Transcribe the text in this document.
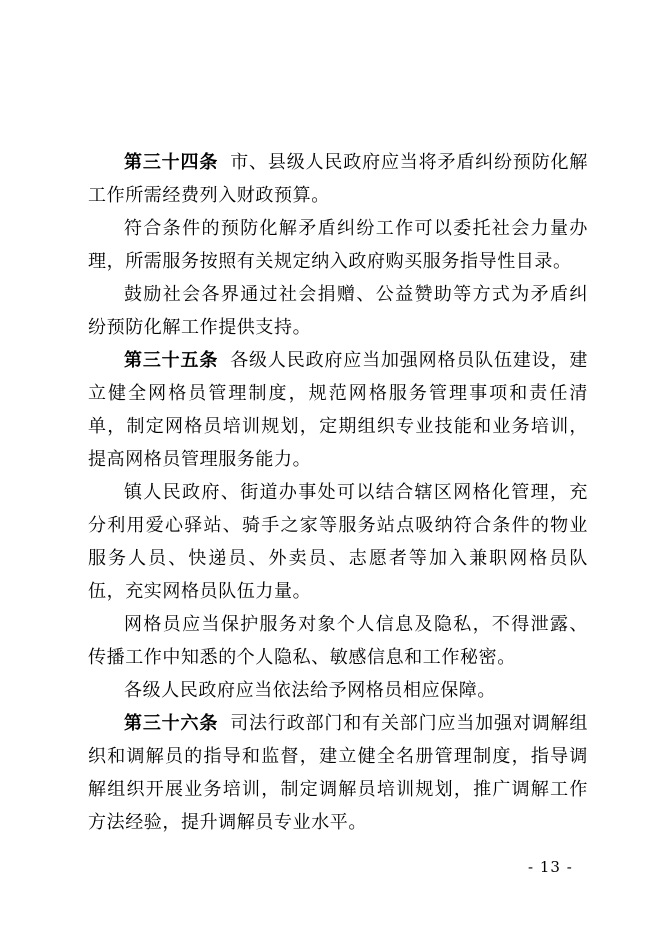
第三十四条 市、县级人民政府应当将矛盾纠纷预防化解工作所需经费列入财政预算。

符合条件的预防化解矛盾纠纷工作可以委托社会力量办理，所需服务按照有关规定纳入政府购买服务指导性目录。

鼓励社会各界通过社会捐赠、公益赞助等方式为矛盾纠纷预防化解工作提供支持。

第三十五条 各级人民政府应当加强网格员队伍建设，建立健全网格员管理制度，规范网格服务管理事项和责任清单，制定网格员培训规划，定期组织专业技能和业务培训，提高网格员管理服务能力。

镇人民政府、街道办事处可以结合辖区网格化管理，充分利用爱心驿站、骑手之家等服务站点吸纳符合条件的物业服务人员、快递员、外卖员、志愿者等加入兼职网格员队伍，充实网格员队伍力量。

网格员应当保护服务对象个人信息及隐私，不得泄露、传播工作中知悉的个人隐私、敏感信息和工作秘密。

各级人民政府应当依法给予网格员相应保障。

第三十六条 司法行政部门和有关部门应当加强对调解组织和调解员的指导和监督，建立健全名册管理制度，指导调解组织开展业务培训，制定调解员培训规划，推广调解工作方法经验，提升调解员专业水平。

- 13 -
